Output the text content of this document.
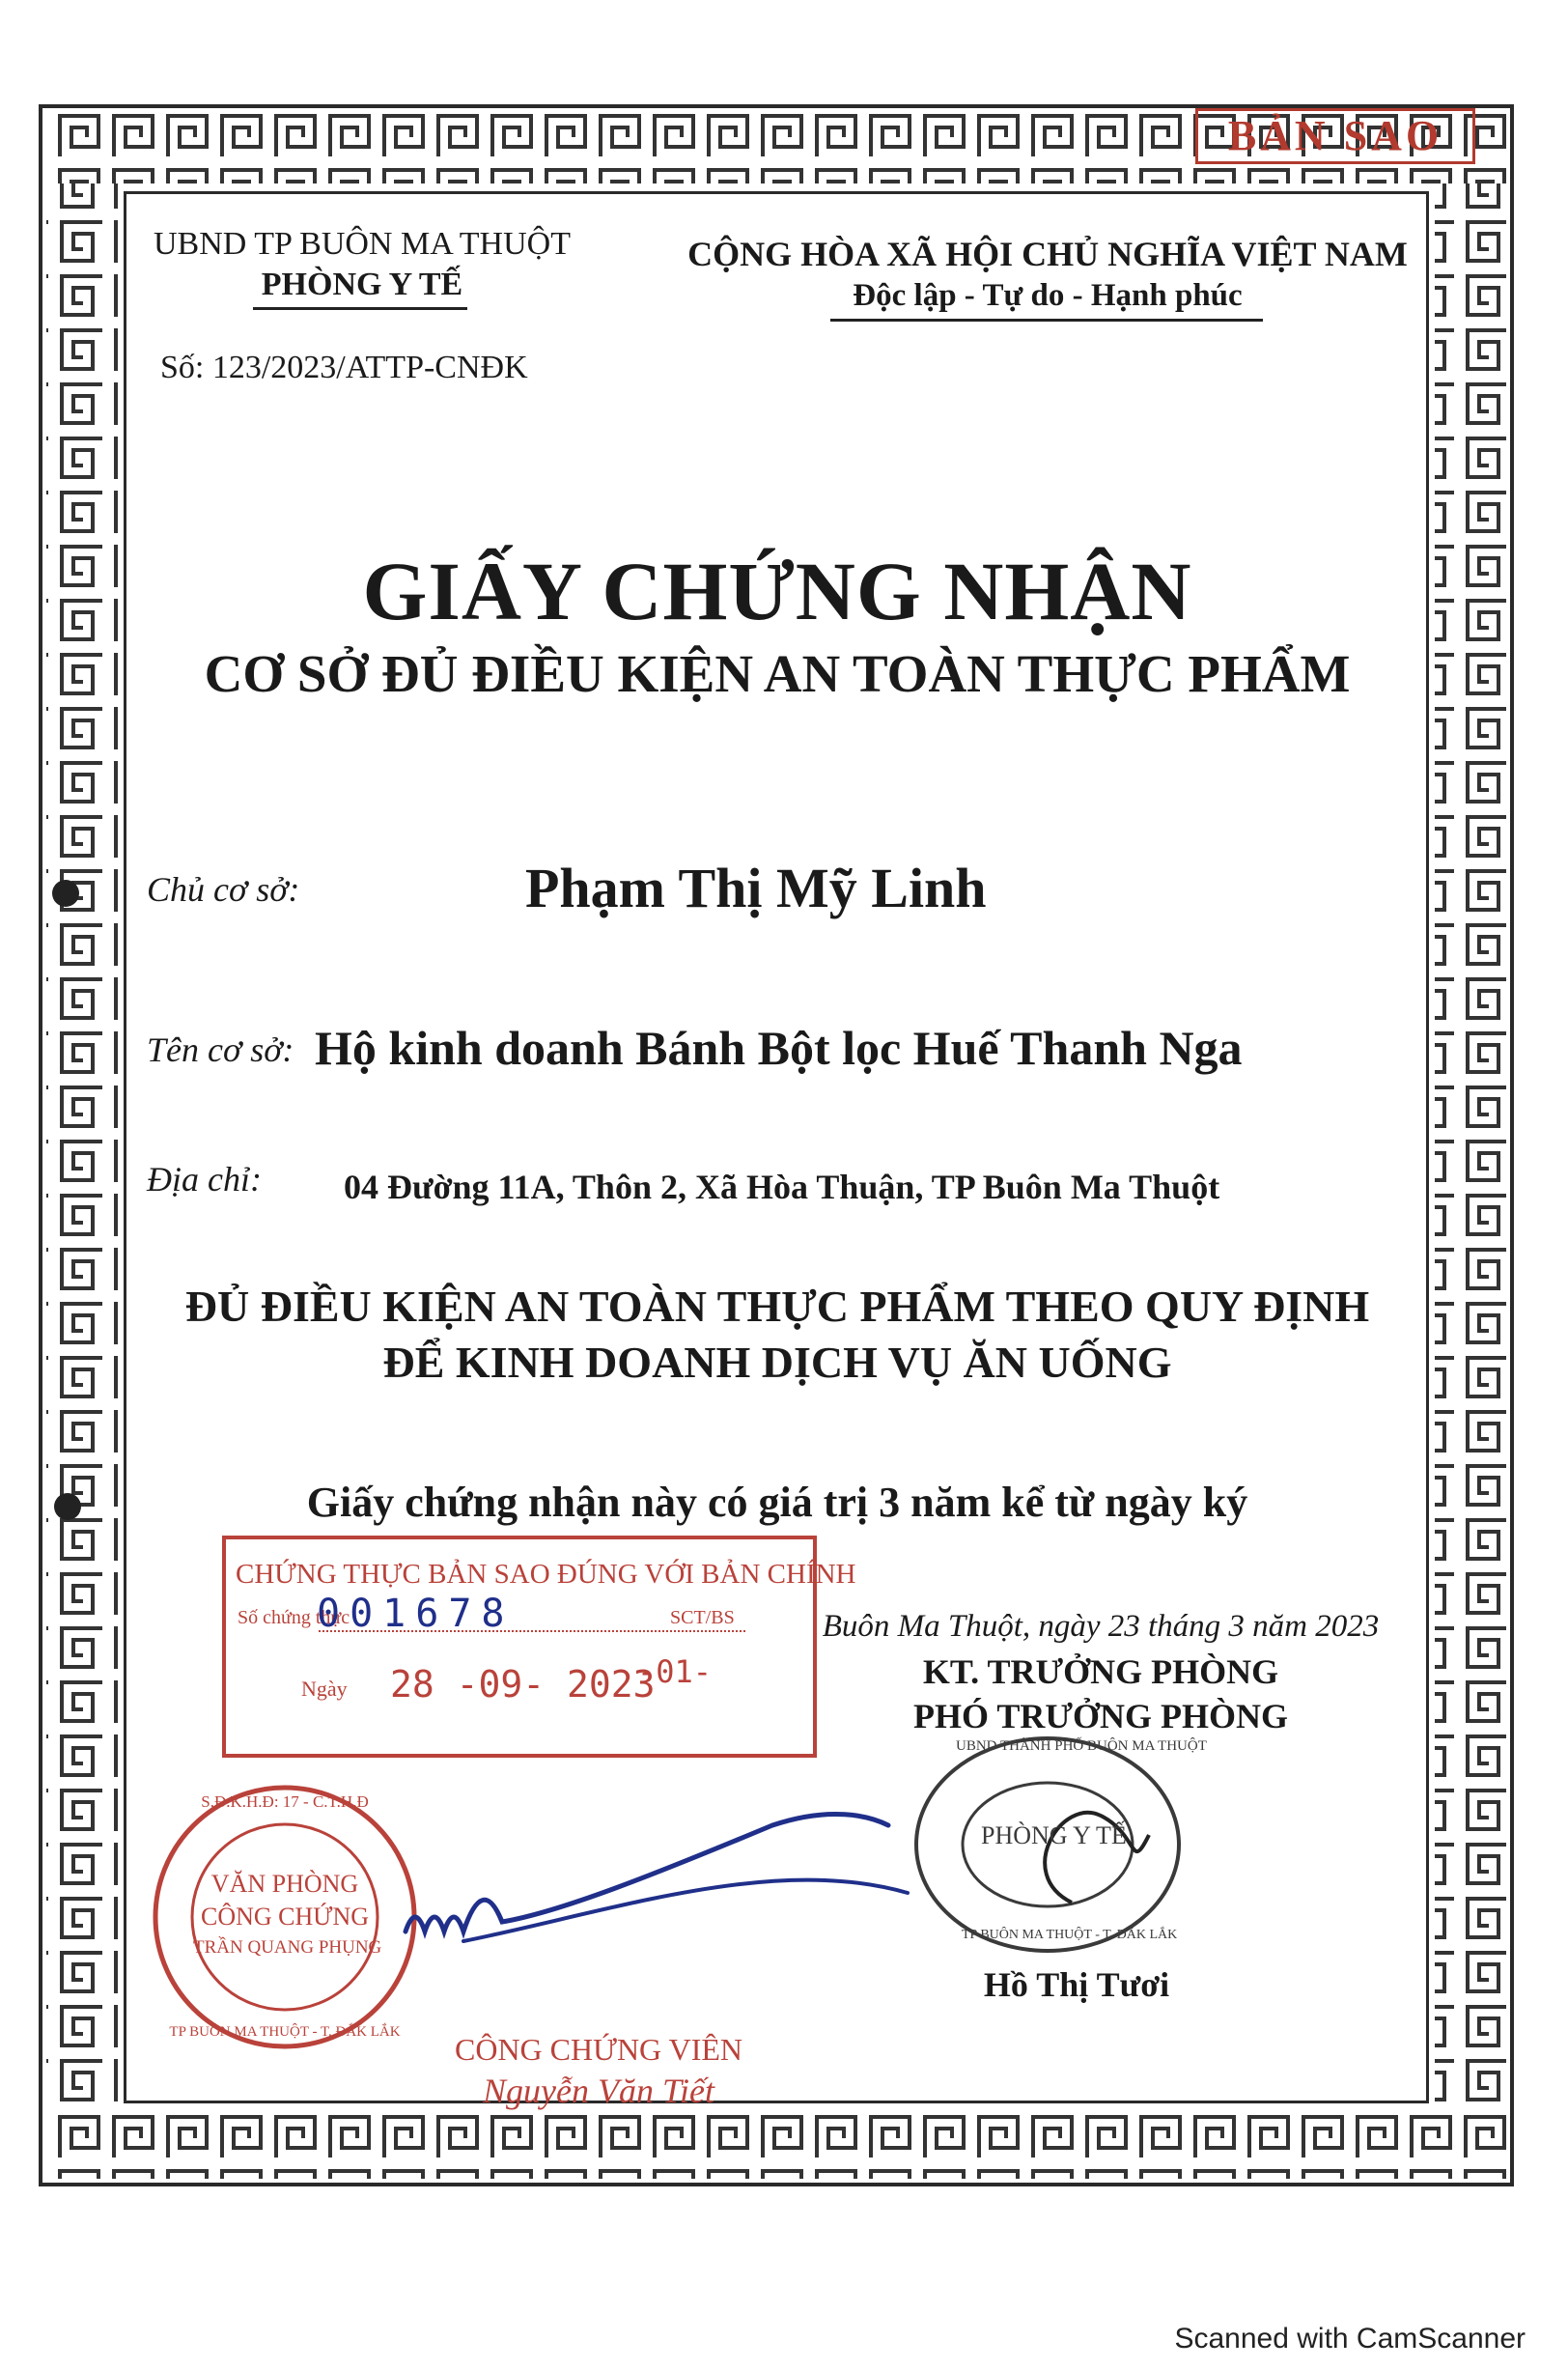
BẢN SAO
UBND TP BUÔN MA THUỘT
PHÒNG Y TẾ
Số: 123/2023/ATTP-CNĐK
CỘNG HÒA XÃ HỘI CHỦ NGHĨA VIỆT NAM
Độc lập - Tự do - Hạnh phúc
GIẤY CHỨNG NHẬN
CƠ SỞ ĐỦ ĐIỀU KIỆN AN TOÀN THỰC PHẨM
Chủ cơ sở:	Phạm Thị Mỹ Linh
Tên cơ sở: Hộ kinh doanh Bánh Bột lọc Huế Thanh Nga
Địa chỉ: 04 Đường 11A, Thôn 2, Xã Hòa Thuận, TP Buôn Ma Thuột
ĐỦ ĐIỀU KIỆN AN TOÀN THỰC PHẨM THEO QUY ĐỊNH
ĐỂ KINH DOANH DỊCH VỤ ĂN UỐNG
Giấy chứng nhận này có giá trị 3 năm kể từ ngày ký
CHỨNG THỰC BẢN SAO ĐÚNG VỚI BẢN CHÍNH
Số chứng thực
001678	SCT/BS
Ngày 28 -09- 2023
-01-
Buôn Ma Thuột, ngày 23 tháng 3 năm 2023
KT. TRƯỞNG PHÒNG
PHÓ TRƯỞNG PHÒNG
PHÒNG Y TẾ
UBND THÀNH PHỐ BUÔN MA THUỘT
TP BUÔN MA THUỘT - T. ĐẮK LẮK
Hồ Thị Tươi
S.Đ.K.H.Đ: 17 - C.T.H.Đ
TP BUÔN MA THUỘT - T. ĐẮK LẮK
VĂN PHÒNG
CÔNG CHỨNG
TRẦN QUANG PHỤNG
CÔNG CHỨNG VIÊN
Nguyễn Văn Tiết
Scanned with CamScanner
